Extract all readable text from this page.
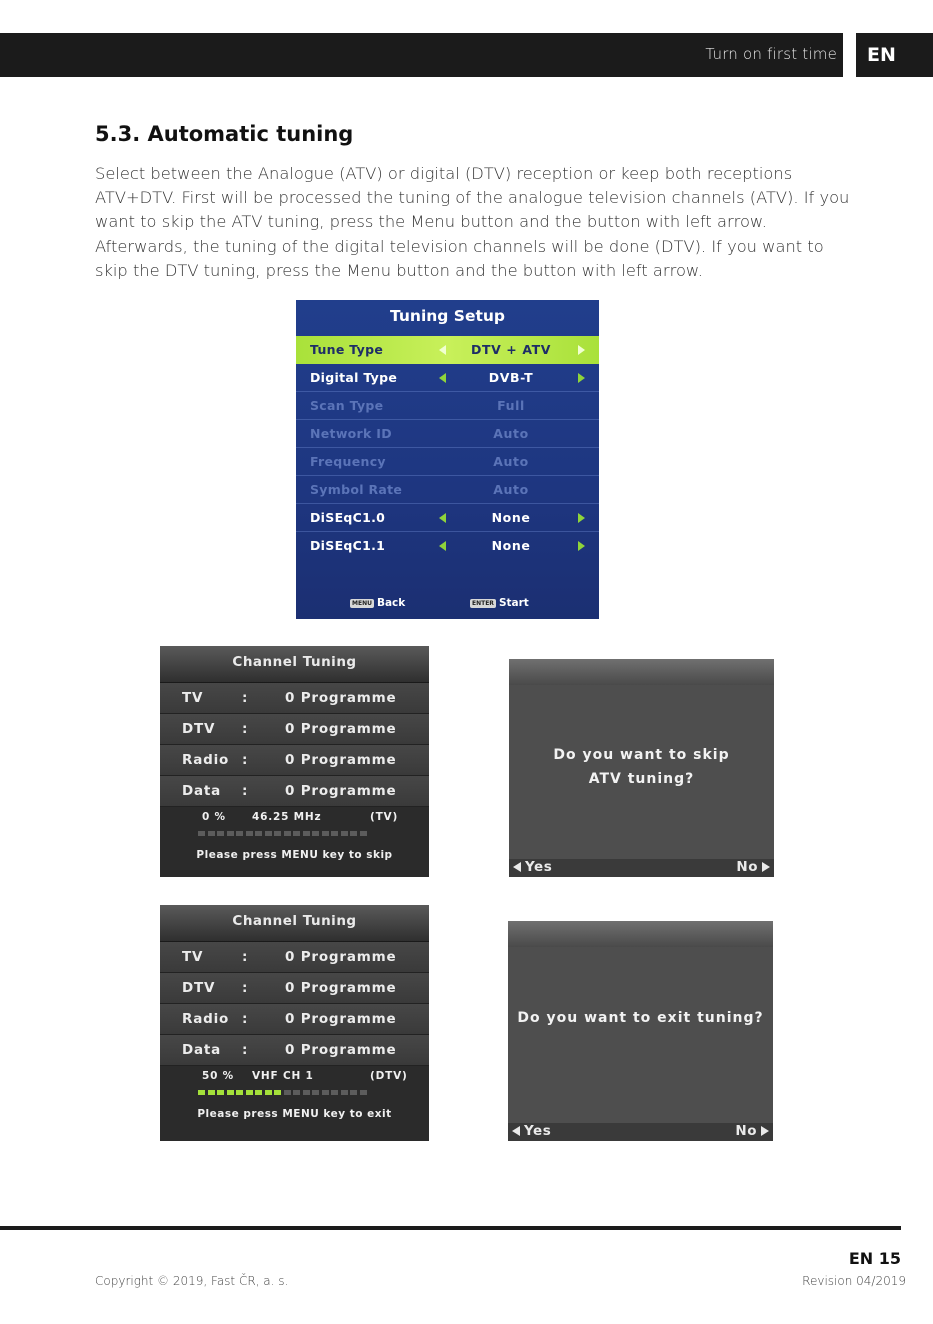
Turn on first time	EN
5.3. Automatic tuning

Select between the Analogue (ATV) or digital (DTV) reception or keep both receptions ATV+DTV. First will be processed the tuning of the analogue television channels (ATV). If you want to skip the ATV tuning, press the Menu button and the button with left arrow. Afterwards, the tuning of the digital television channels will be done (DTV). If you want to skip the DTV tuning, press the Menu button and the button with left arrow.

Tuning Setup
Tune Type	DTV + ATV
Digital Type	DVB-T
Scan Type	Full
Network ID	Auto
Frequency	Auto
Symbol Rate	Auto
DiSEqC1.0	None
DiSEqC1.1	None
MENU Back	ENTER Start
Channel Tuning
TV	:	0 Programme
DTV :	0 Programme
Radio :	0 Programme
Data :	0 Programme
0 % 46.25 MHz	(TV)
Please press MENU key to skip
Do you want to skip ATV tuning?
Yes	No
Channel Tuning
TV	:	0 Programme
DTV :	0 Programme
Radio :	0 Programme
Data :	0 Programme
50 % VHF CH 1	(DTV)
Please press MENU key to exit
Do you want to exit tuning?
Yes	No
EN 15
Copyright © 2019, Fast ČR, a. s.	Revision 04/2019
